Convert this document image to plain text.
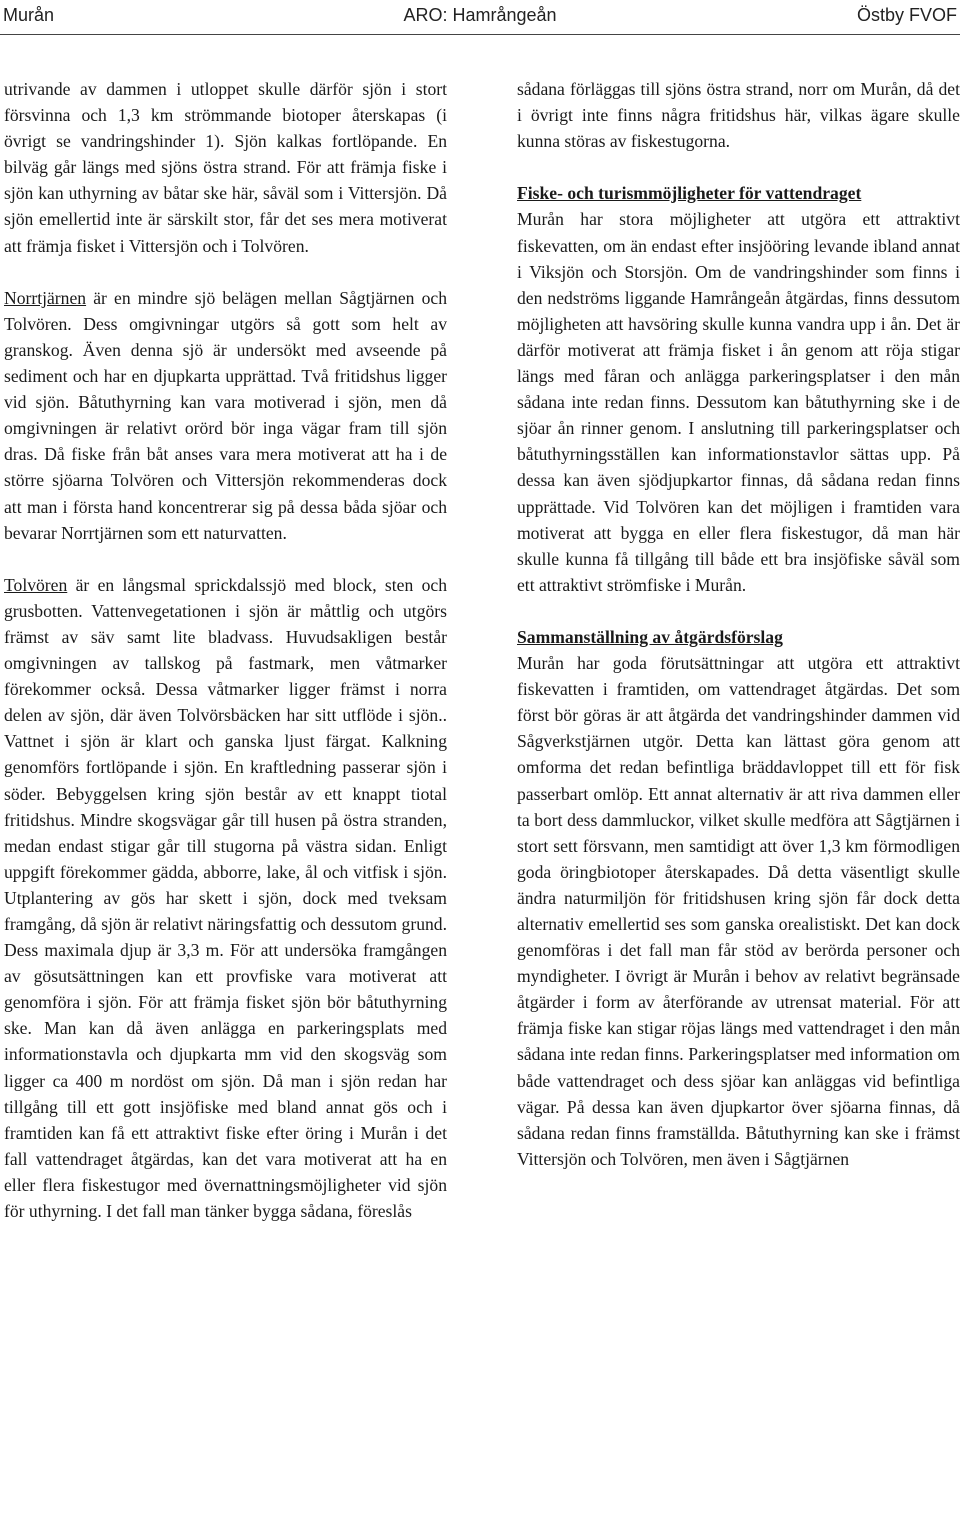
Murån	ARO: Hamrångeån	Östby FVOF

utrivande av dammen i utloppet skulle därför sjön i stort försvinna och 1,3 km strömmande biotoper återskapas (i övrigt se vandringshinder 1). Sjön kalkas fortlöpande. En bilväg går längs med sjöns östra strand. För att främja fiske i sjön kan uthyrning av båtar ske här, såväl som i Vittersjön. Då sjön emellertid inte är särskilt stor, får det ses mera motiverat att främja fisket i Vittersjön och i Tolvören.

Norrtjärnen är en mindre sjö belägen mellan Sågtjärnen och Tolvören. Dess omgivningar utgörs så gott som helt av granskog. Även denna sjö är undersökt med avseende på sediment och har en djupkarta upprättad. Två fritidshus ligger vid sjön. Båtuthyrning kan vara motiverad i sjön, men då omgivningen är relativt orörd bör inga vägar fram till sjön dras. Då fiske från båt anses vara mera motiverat att ha i de större sjöarna Tolvören och Vittersjön rekommenderas dock att man i första hand koncentrerar sig på dessa båda sjöar och bevarar Norrtjärnen som ett naturvatten.

Tolvören är en långsmal sprickdalssjö med block, sten och grusbotten. Vattenvegetationen i sjön är måttlig och utgörs främst av säv samt lite bladvass. Huvudsakligen består omgivningen av tallskog på fastmark, men våtmarker förekommer också. Dessa våtmarker ligger främst i norra delen av sjön, där även Tolvörsbäcken har sitt utflöde i sjön.. Vattnet i sjön är klart och ganska ljust färgat. Kalkning genomförs fortlöpande i sjön. En kraftledning passerar sjön i söder. Bebyggelsen kring sjön består av ett knappt tiotal fritidshus. Mindre skogsvägar går till husen på östra stranden, medan endast stigar går till stugorna på västra sidan. Enligt uppgift förekommer gädda, abborre, lake, ål och vitfisk i sjön. Utplantering av gös har skett i sjön, dock med tveksam framgång, då sjön är relativt näringsfattig och dessutom grund. Dess maximala djup är 3,3 m. För att undersöka framgången av gösutsättningen kan ett provfiske vara motiverat att genomföra i sjön. För att främja fisket sjön bör båtuthyrning ske. Man kan då även anlägga en parkeringsplats med informationstavla och djupkarta mm vid den skogsväg som ligger ca 400 m nordöst om sjön. Då man i sjön redan har tillgång till ett gott insjöfiske med bland annat gös och i framtiden kan få ett attraktivt fiske efter öring i Murån i det fall vattendraget åtgärdas, kan det vara motiverat att ha en eller flera fiskestugor med övernattningsmöjligheter vid sjön för uthyrning. I det fall man tänker bygga sådana, föreslås

sådana förläggas till sjöns östra strand, norr om Murån, då det i övrigt inte finns några fritidshus här, vilkas ägare skulle kunna störas av fiskestugorna.

Fiske- och turismmöjligheter för vattendraget

Murån har stora möjligheter att utgöra ett attraktivt fiskevatten, om än endast efter insjööring levande ibland annat i Viksjön och Storsjön. Om de vandringshinder som finns i den nedströms liggande Hamrångeån åtgärdas, finns dessutom möjligheten att havsöring skulle kunna vandra upp i ån. Det är därför motiverat att främja fisket i ån genom att röja stigar längs med fåran och anlägga parkeringsplatser i den mån sådana inte redan finns. Dessutom kan båtuthyrning ske i de sjöar ån rinner genom. I anslutning till parkeringsplatser och båtuthyrningsställen kan informationstavlor sättas upp. På dessa kan även sjödjupkartor finnas, då sådana redan finns upprättade. Vid Tolvören kan det möjligen i framtiden vara motiverat att bygga en eller flera fiskestugor, då man här skulle kunna få tillgång till både ett bra insjöfiske såväl som ett attraktivt strömfiske i Murån.

Sammanställning av åtgärdsförslag

Murån har goda förutsättningar att utgöra ett attraktivt fiskevatten i framtiden, om vattendraget åtgärdas. Det som först bör göras är att åtgärda det vandringshinder dammen vid Sågverkstjärnen utgör. Detta kan lättast göra genom att omforma det redan befintliga bräddavloppet till ett för fisk passerbart omlöp. Ett annat alternativ är att riva dammen eller ta bort dess dammluckor, vilket skulle medföra att Sågtjärnen i stort sett försvann, men samtidigt att över 1,3 km förmodligen goda öringbiotoper återskapades. Då detta väsentligt skulle ändra naturmiljön för fritidshusen kring sjön får dock detta alternativ emellertid ses som ganska orealistiskt. Det kan dock genomföras i det fall man får stöd av berörda personer och myndigheter. I övrigt är Murån i behov av relativt begränsade åtgärder i form av återförande av utrensat material. För att främja fiske kan stigar röjas längs med vattendraget i den mån sådana inte redan finns. Parkeringsplatser med information om både vattendraget och dess sjöar kan anläggas vid befintliga vägar. På dessa kan även djupkartor över sjöarna finnas, då sådana redan finns framställda. Båtuthyrning kan ske i främst Vittersjön och Tolvören, men även i Sågtjärnen
